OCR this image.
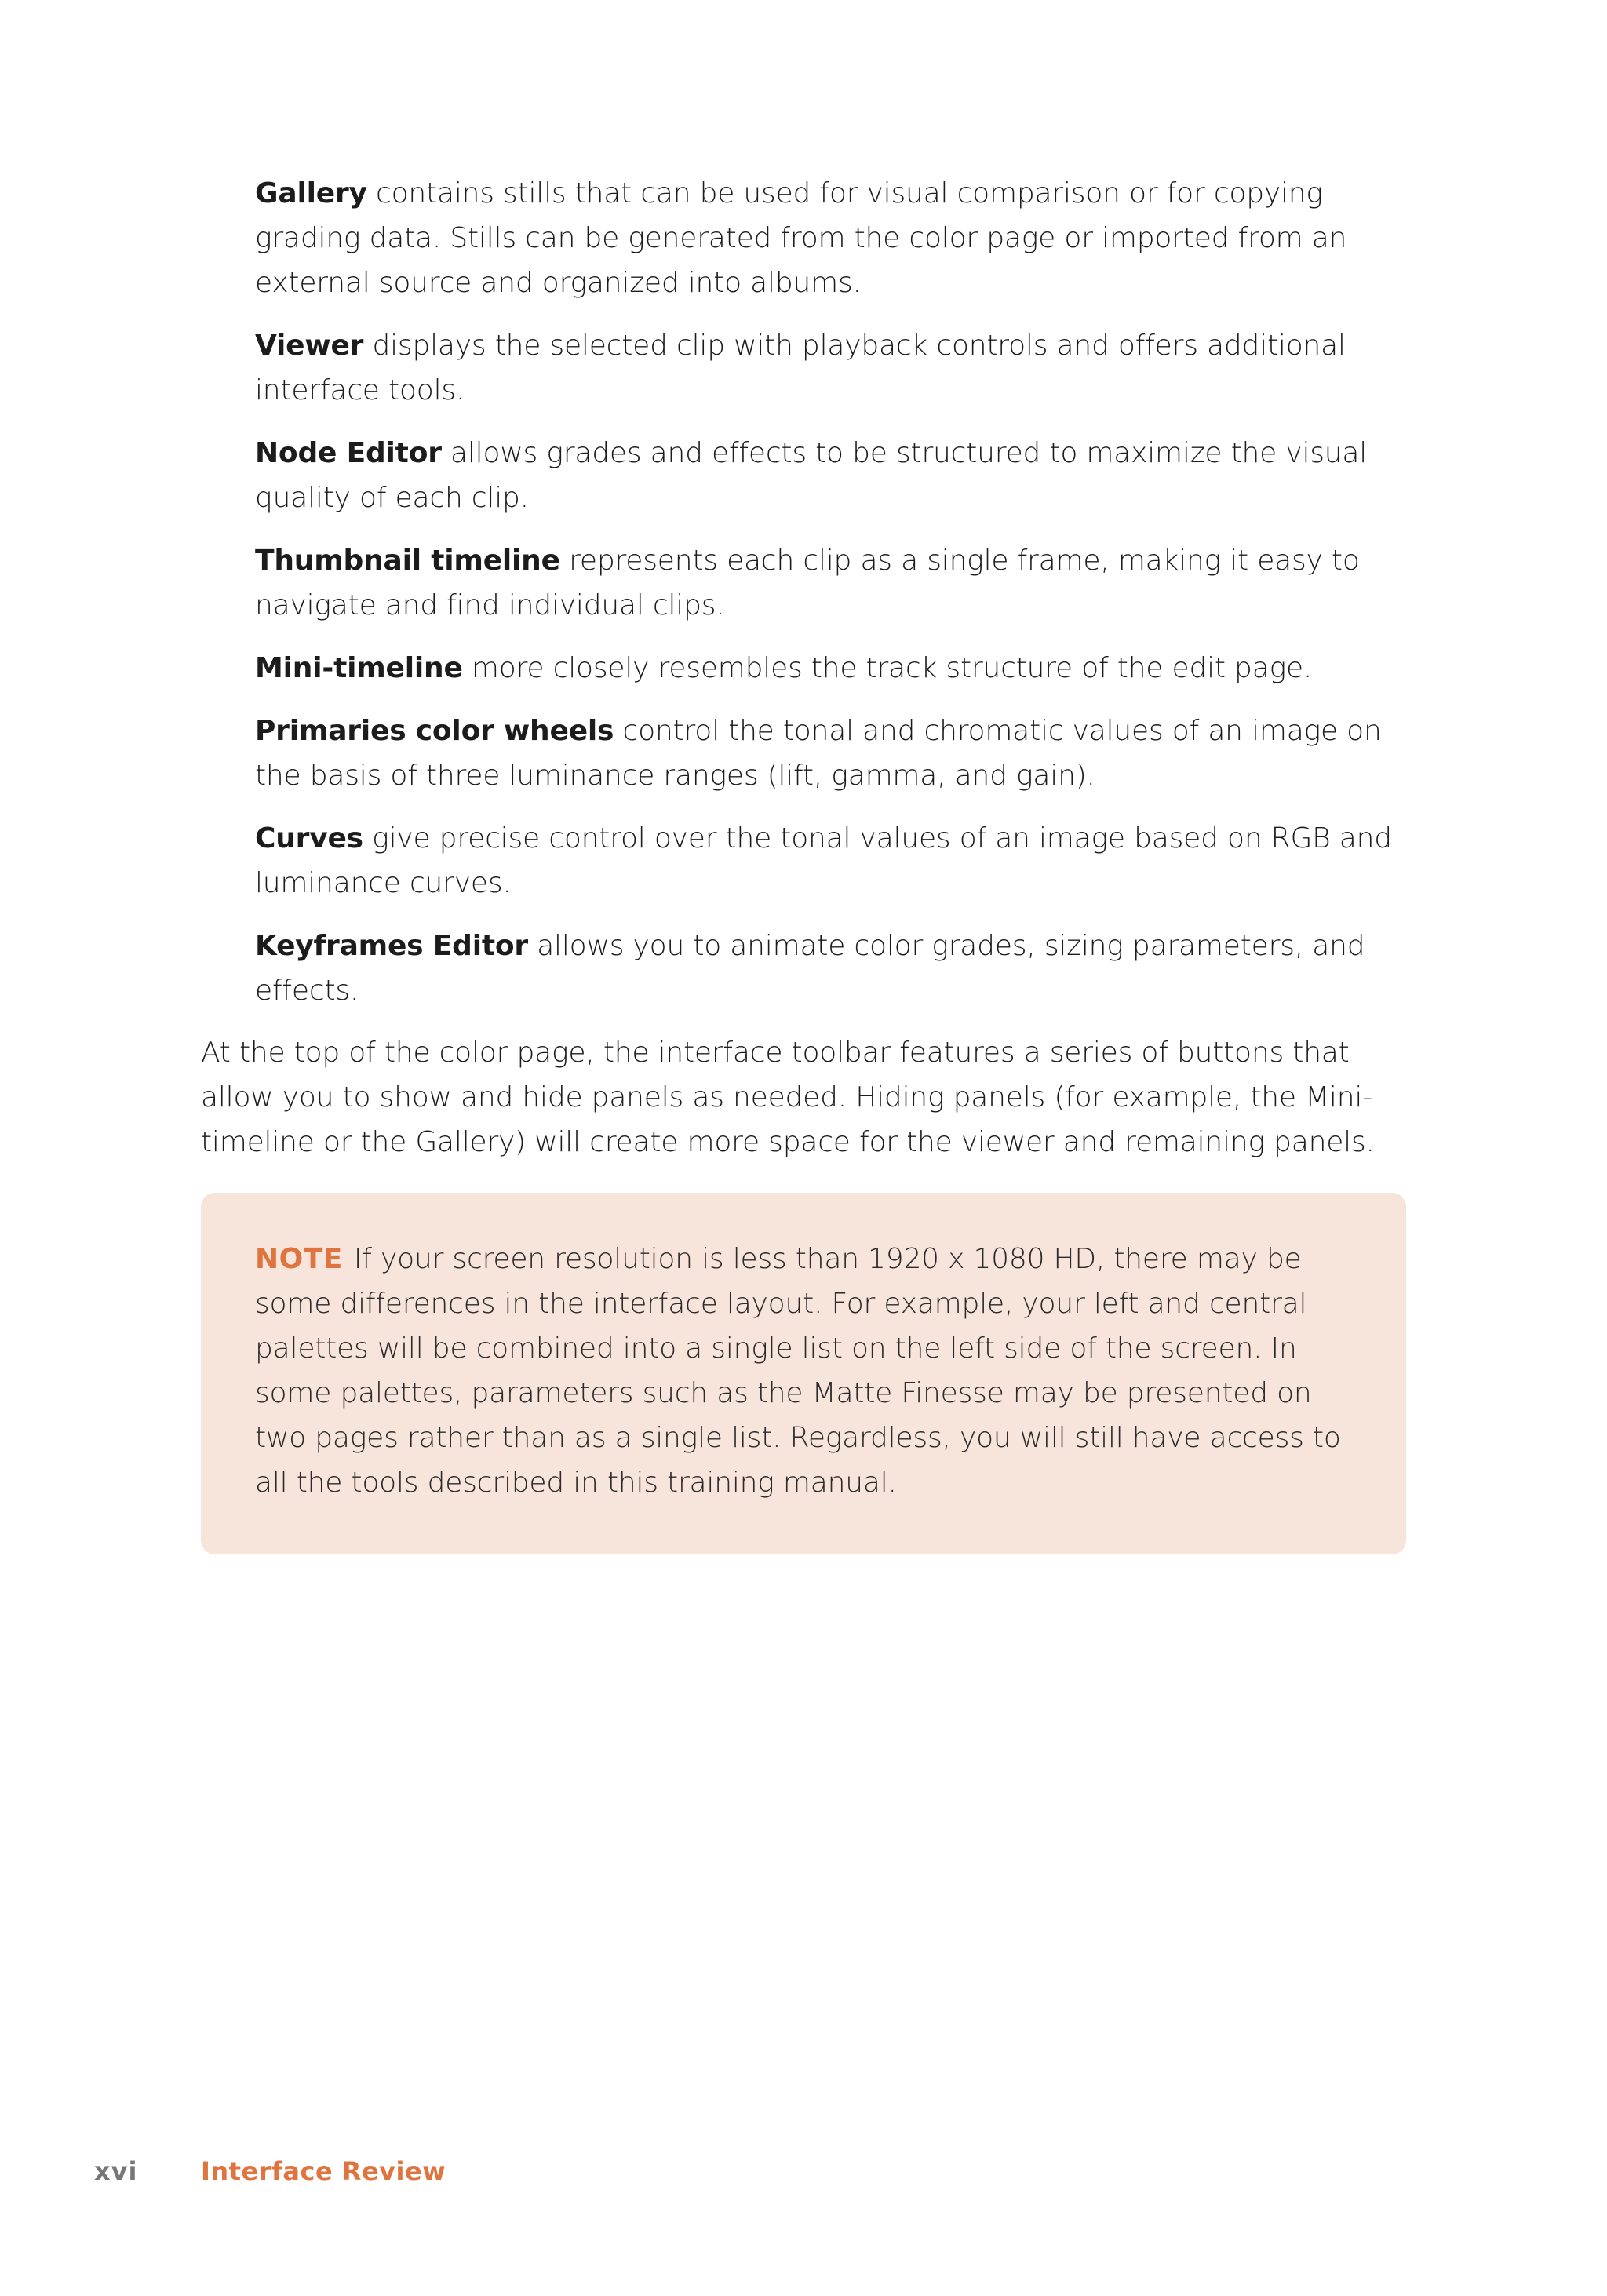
Gallery contains stills that can be used for visual comparison or for copying grading data. Stills can be generated from the color page or imported from an external source and organized into albums.

Viewer displays the selected clip with playback controls and offers additional interface tools.

Node Editor allows grades and effects to be structured to maximize the visual quality of each clip.

Thumbnail timeline represents each clip as a single frame, making it easy to navigate and find individual clips.

Mini-timeline more closely resembles the track structure of the edit page.

Primaries color wheels control the tonal and chromatic values of an image on the basis of three luminance ranges (lift, gamma, and gain).

Curves give precise control over the tonal values of an image based on RGB and luminance curves.

Keyframes Editor allows you to animate color grades, sizing parameters, and effects.

At the top of the color page, the interface toolbar features a series of buttons that allow you to show and hide panels as needed. Hiding panels (for example, the Mini-timeline or the Gallery) will create more space for the viewer and remaining panels.

NOTE If your screen resolution is less than 1920 x 1080 HD, there may be some differences in the interface layout. For example, your left and central palettes will be combined into a single list on the left side of the screen. In some palettes, parameters such as the Matte Finesse may be presented on two pages rather than as a single list. Regardless, you will still have access to all the tools described in this training manual.

xvi	Interface Review
